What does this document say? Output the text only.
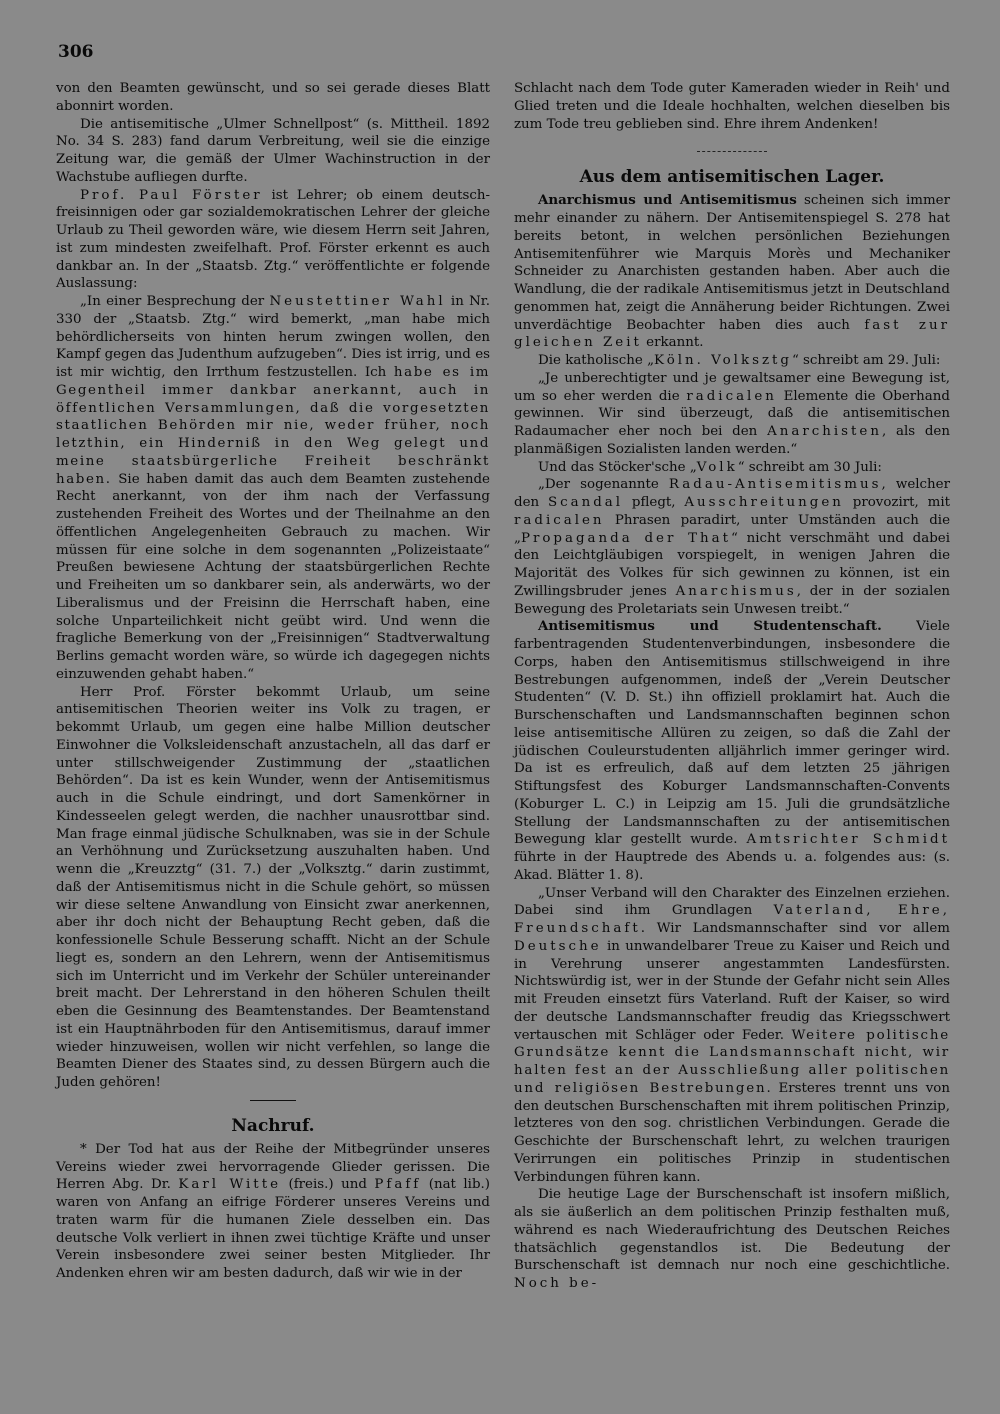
306

von den Beamten gewünscht, und so sei gerade dieses Blatt abonnirt worden.

Die antisemitische „Ulmer Schnellpost“ (s. Mittheil. 1892 No. 34 S. 283) fand darum Verbreitung, weil sie die einzige Zeitung war, die gemäß der Ulmer Wachinstruction in der Wachstube aufliegen durfte.

Prof. Paul Förster ist Lehrer; ob einem deutsch-freisinnigen oder gar sozialdemokratischen Lehrer der gleiche Urlaub zu Theil geworden wäre, wie diesem Herrn seit Jahren, ist zum mindesten zweifelhaft. Prof. Förster erkennt es auch dankbar an. In der „Staatsb. Ztg.“ veröffentlichte er folgende Auslassung:

„In einer Besprechung der Neustettiner Wahl in Nr. 330 der „Staatsb. Ztg.“ wird bemerkt, „man habe mich behördlicherseits von hinten herum zwingen wollen, den Kampf gegen das Judenthum aufzugeben“. Dies ist irrig, und es ist mir wichtig, den Irrthum festzustellen. Ich habe es im Gegentheil immer dankbar anerkannt, auch in öffentlichen Versammlungen, daß die vorgesetzten staatlichen Behörden mir nie, weder früher, noch letzthin, ein Hinderniß in den Weg gelegt und meine staatsbürgerliche Freiheit beschränkt haben. Sie haben damit das auch dem Beamten zustehende Recht anerkannt, von der ihm nach der Verfassung zustehenden Freiheit des Wortes und der Theilnahme an den öffentlichen Angelegenheiten Gebrauch zu machen. Wir müssen für eine solche in dem sogenannten „Polizeistaate“ Preußen bewiesene Achtung der staatsbürgerlichen Rechte und Freiheiten um so dankbarer sein, als anderwärts, wo der Liberalismus und der Freisinn die Herrschaft haben, eine solche Unparteilichkeit nicht geübt wird. Und wenn die fragliche Bemerkung von der „Freisinnigen“ Stadtverwaltung Berlins gemacht worden wäre, so würde ich dagegegen nichts einzuwenden gehabt haben.“

Herr Prof. Förster bekommt Urlaub, um seine antisemitischen Theorien weiter ins Volk zu tragen, er bekommt Urlaub, um gegen eine halbe Million deutscher Einwohner die Volksleidenschaft anzustacheln, all das darf er unter stillschweigender Zustimmung der „staatlichen Behörden“. Da ist es kein Wunder, wenn der Antisemitismus auch in die Schule eindringt, und dort Samenkörner in Kindesseelen gelegt werden, die nachher unausrottbar sind. Man frage einmal jüdische Schulknaben, was sie in der Schule an Verhöhnung und Zurücksetzung auszuhalten haben. Und wenn die „Kreuzztg“ (31. 7.) der „Volksztg.“ darin zustimmt, daß der Antisemitismus nicht in die Schule gehört, so müssen wir diese seltene Anwandlung von Einsicht zwar anerkennen, aber ihr doch nicht der Behauptung Recht geben, daß die konfessionelle Schule Besserung schafft. Nicht an der Schule liegt es, sondern an den Lehrern, wenn der Antisemitismus sich im Unterricht und im Verkehr der Schüler untereinander breit macht. Der Lehrerstand in den höheren Schulen theilt eben die Gesinnung des Beamtenstandes. Der Beamtenstand ist ein Hauptnährboden für den Antisemitismus, darauf immer wieder hinzuweisen, wollen wir nicht verfehlen, so lange die Beamten Diener des Staates sind, zu dessen Bürgern auch die Juden gehören!

Nachruf.

* Der Tod hat aus der Reihe der Mitbegründer unseres Vereins wieder zwei hervorragende Glieder gerissen. Die Herren Abg. Dr. Karl Witte (freis.) und Pfaff (nat lib.) waren von Anfang an eifrige Förderer unseres Vereins und traten warm für die humanen Ziele desselben ein. Das deutsche Volk verliert in ihnen zwei tüchtige Kräfte und unser Verein insbesondere zwei seiner besten Mitglieder. Ihr Andenken ehren wir am besten dadurch, daß wir wie in der

Schlacht nach dem Tode guter Kameraden wieder in Reih' und Glied treten und die Ideale hochhalten, welchen dieselben bis zum Tode treu geblieben sind. Ehre ihrem Andenken!

Aus dem antisemitischen Lager.

Anarchismus und Antisemitismus scheinen sich immer mehr einander zu nähern. Der Antisemitenspiegel S. 278 hat bereits betont, in welchen persönlichen Beziehungen Antisemitenführer wie Marquis Morès und Mechaniker Schneider zu Anarchisten gestanden haben. Aber auch die Wandlung, die der radikale Antisemitismus jetzt in Deutschland genommen hat, zeigt die Annäherung beider Richtungen. Zwei unverdächtige Beobachter haben dies auch fast zur gleichen Zeit erkannt.

Die katholische „Köln. Volksztg“ schreibt am 29. Juli:

„Je unberechtigter und je gewaltsamer eine Bewegung ist, um so eher werden die radicalen Elemente die Oberhand gewinnen. Wir sind überzeugt, daß die antisemitischen Radaumacher eher noch bei den Anarchisten, als den planmäßigen Sozialisten landen werden.“

Und das Stöcker'sche „Volk“ schreibt am 30 Juli:

„Der sogenannte Radau-Antisemitismus, welcher den Scandal pflegt, Ausschreitungen provozirt, mit radicalen Phrasen paradirt, unter Umständen auch die „Propaganda der That“ nicht verschmäht und dabei den Leichtgläubigen vorspiegelt, in wenigen Jahren die Majorität des Volkes für sich gewinnen zu können, ist ein Zwillingsbruder jenes Anarchismus, der in der sozialen Bewegung des Proletariats sein Unwesen treibt.“

Antisemitismus und Studentenschaft. Viele farbentragenden Studentenverbindungen, insbesondere die Corps, haben den Antisemitismus stillschweigend in ihre Bestrebungen aufgenommen, indeß der „Verein Deutscher Studenten“ (V. D. St.) ihn offiziell proklamirt hat. Auch die Burschenschaften und Landsmannschaften beginnen schon leise antisemitische Allüren zu zeigen, so daß die Zahl der jüdischen Couleurstudenten alljährlich immer geringer wird. Da ist es erfreulich, daß auf dem letzten 25 jährigen Stiftungsfest des Koburger Landsmannschaften-Convents (Koburger L. C.) in Leipzig am 15. Juli die grundsätzliche Stellung der Landsmannschaften zu der antisemitischen Bewegung klar gestellt wurde. Amtsrichter Schmidt führte in der Hauptrede des Abends u. a. folgendes aus: (s. Akad. Blätter 1. 8).

„Unser Verband will den Charakter des Einzelnen erziehen. Dabei sind ihm Grundlagen Vaterland, Ehre, Freundschaft. Wir Landsmannschafter sind vor allem Deutsche in unwandelbarer Treue zu Kaiser und Reich und in Verehrung unserer angestammten Landesfürsten. Nichtswürdig ist, wer in der Stunde der Gefahr nicht sein Alles mit Freuden einsetzt fürs Vaterland. Ruft der Kaiser, so wird der deutsche Landsmannschafter freudig das Kriegsschwert vertauschen mit Schläger oder Feder. Weitere politische Grundsätze kennt die Landsmannschaft nicht, wir halten fest an der Ausschließung aller politischen und religiösen Bestrebungen. Ersteres trennt uns von den deutschen Burschenschaften mit ihrem politischen Prinzip, letzteres von den sog. christlichen Verbindungen. Gerade die Geschichte der Burschenschaft lehrt, zu welchen traurigen Verirrungen ein politisches Prinzip in studentischen Verbindungen führen kann.

Die heutige Lage der Burschenschaft ist insofern mißlich, als sie äußerlich an dem politischen Prinzip festhalten muß, während es nach Wiederaufrichtung des Deutschen Reiches thatsächlich gegenstandlos ist. Die Bedeutung der Burschenschaft ist demnach nur noch eine geschichtliche. Noch be-
